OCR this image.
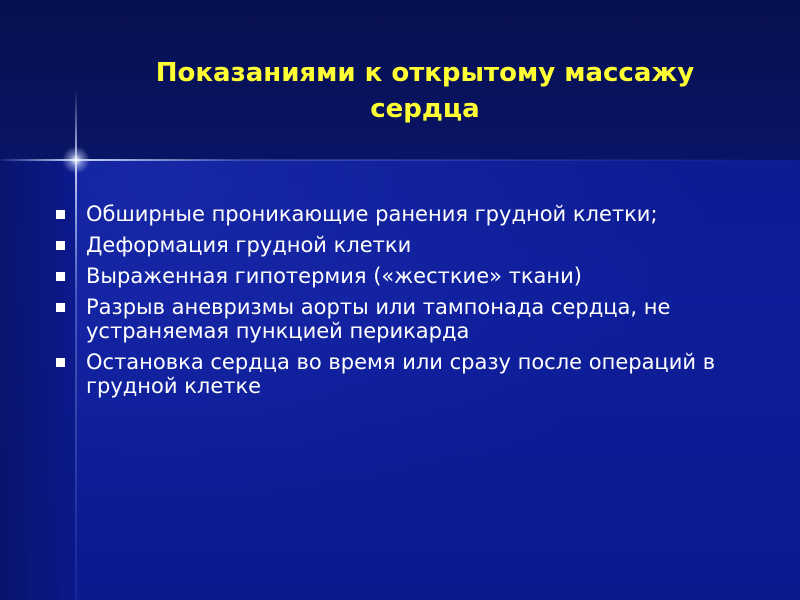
Показаниями к открытому массажу сердца
Обширные проникающие ранения грудной клетки;
Деформация грудной клетки
Выраженная гипотермия («жесткие» ткани)
Разрыв аневризмы аорты или тампонада сердца, не устраняемая пункцией перикарда
Остановка сердца во время или сразу после операций в грудной клетке
